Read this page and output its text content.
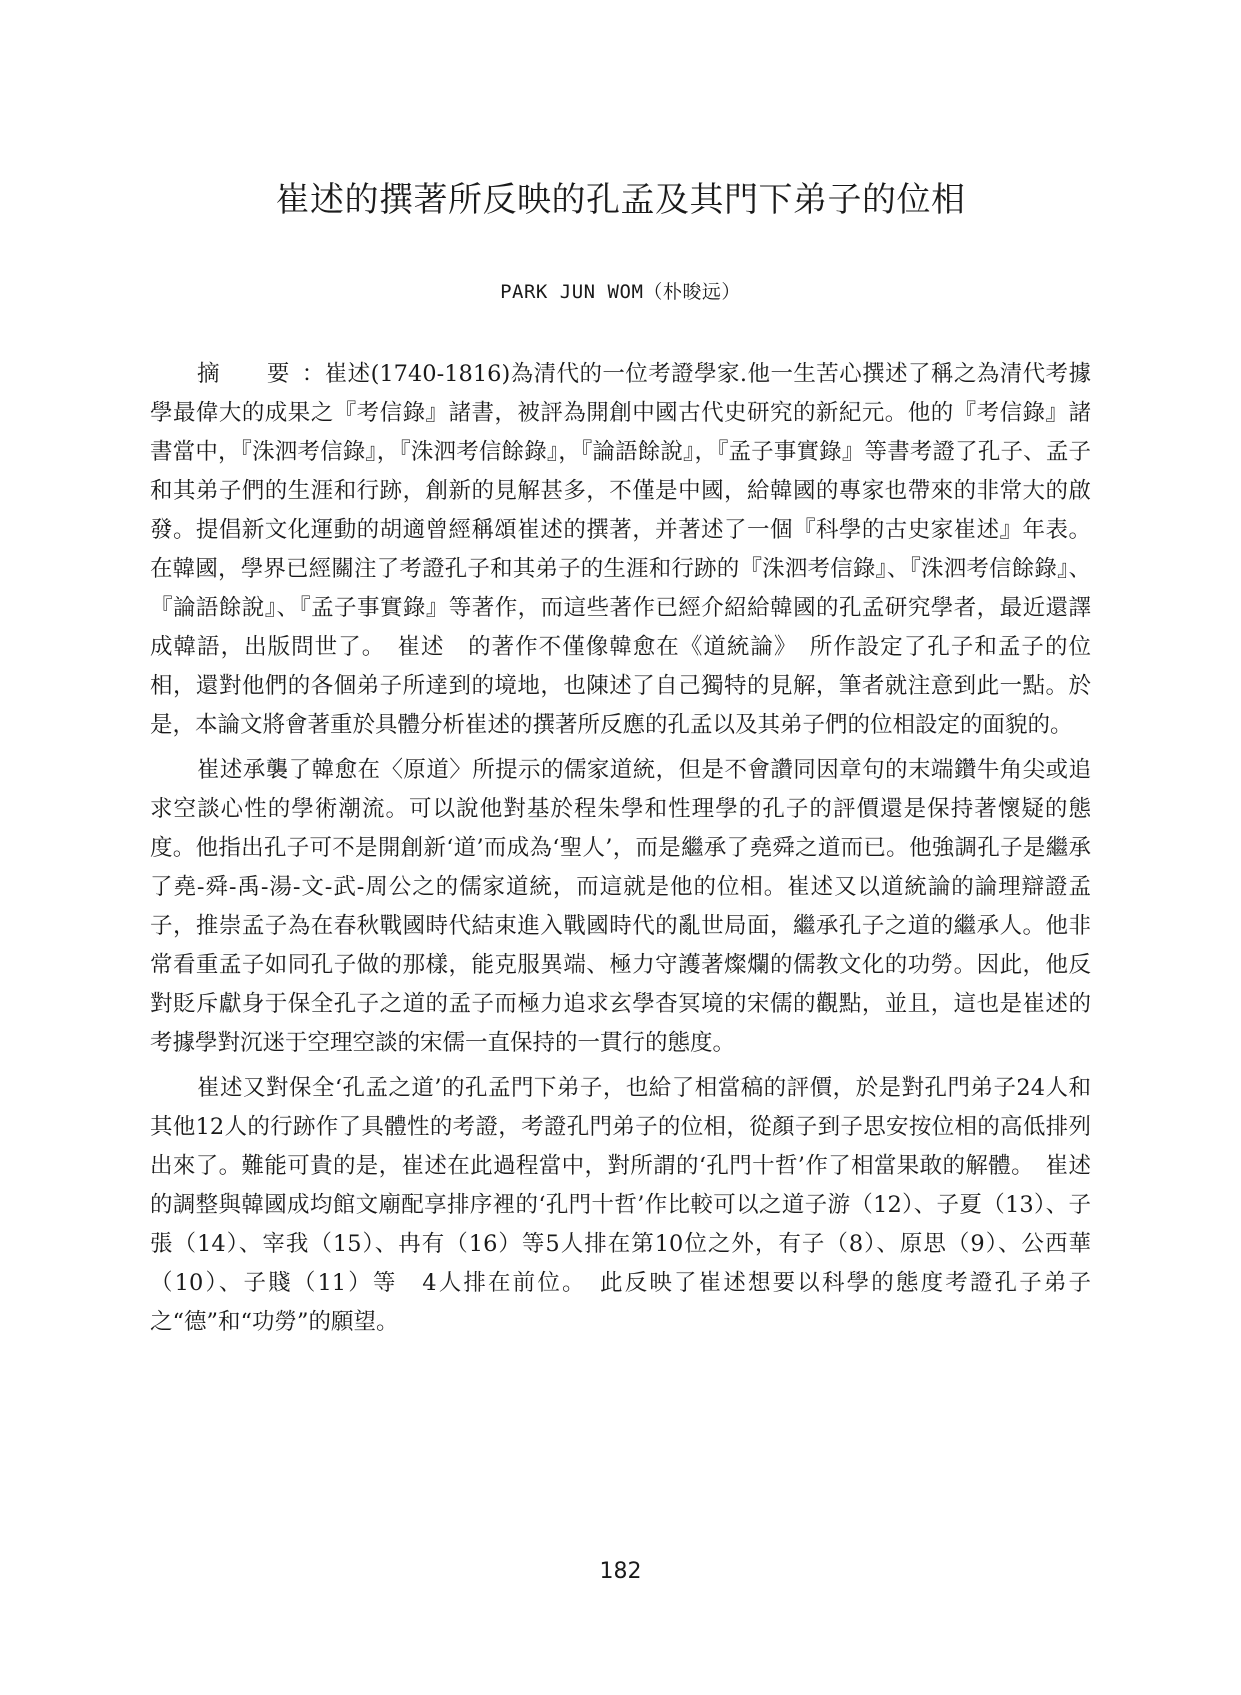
崔述的撰著所反映的孔孟及其門下弟子的位相
PARK JUN WOM（朴晙远）

摘　要：崔述(1740-1816)為清代的一位考證學家.他一生苦心撰述了稱之為清代考據學最偉大的成果之『考信錄』諸書，被評為開創中國古代史研究的新紀元。他的『考信錄』諸書當中，『洙泗考信錄』，『洙泗考信餘錄』，『論語餘說』，『孟子事實錄』等書考證了孔子、孟子和其弟子們的生涯和行跡，創新的見解甚多，不僅是中國，給韓國的專家也帶來的非常大的啟發。提倡新文化運動的胡適曾經稱頌崔述的撰著，并著述了一個『科學的古史家崔述』年表。在韓國，學界已經關注了考證孔子和其弟子的生涯和行跡的『洙泗考信錄』、『洙泗考信餘錄』、『論語餘說』、『孟子事實錄』等著作，而這些著作已經介紹給韓國的孔孟研究學者，最近還譯成韓語，出版問世了。　崔述　的著作不僅像韓愈在《道統論》　所作設定了孔子和孟子的位相，還對他們的各個弟子所達到的境地，也陳述了自己獨特的見解，筆者就注意到此一點。於是，本論文將會著重於具體分析崔述的撰著所反應的孔孟以及其弟子們的位相設定的面貌的。

崔述承襲了韓愈在〈原道〉所提示的儒家道統，但是不會讚同因章句的末端鑽牛角尖或追求空談心性的學術潮流。可以說他對基於程朱學和性理學的孔子的評價還是保持著懷疑的態度。他指出孔子可不是開創新‘道’而成為‘聖人’，而是繼承了堯舜之道而已。他強調孔子是繼承了堯-舜-禹-湯-文-武-周公之的儒家道統，而這就是他的位相。崔述又以道統論的論理辯證孟子，推崇孟子為在春秋戰國時代結束進入戰國時代的亂世局面，繼承孔子之道的繼承人。他非常看重孟子如同孔子做的那樣，能克服異端、極力守護著燦爛的儒教文化的功勞。因此，他反對貶斥獻身于保全孔子之道的孟子而極力追求玄學杳冥境的宋儒的觀點，並且，這也是崔述的考據學對沉迷于空理空談的宋儒一直保持的一貫行的態度。

崔述又對保全‘孔孟之道’的孔孟門下弟子，也給了相當稿的評價，於是對孔門弟子24人和其他12人的行跡作了具體性的考證，考證孔門弟子的位相，從顏子到子思安按位相的高低排列出來了。難能可貴的是，崔述在此過程當中，對所謂的‘孔門十哲’作了相當果敢的解體。　崔述的調整與韓國成均館文廟配享排序裡的‘孔門十哲’作比較可以之道子游（12）、子夏（13）、子張（14）、宰我（15）、冉有（16）等5人排在第10位之外，有子（8）、原思（9）、公西華（10）、子賤（11）等　4人排在前位。　此反映了崔述想要以科學的態度考證孔子弟子之“德”和“功勞”的願望。

182
